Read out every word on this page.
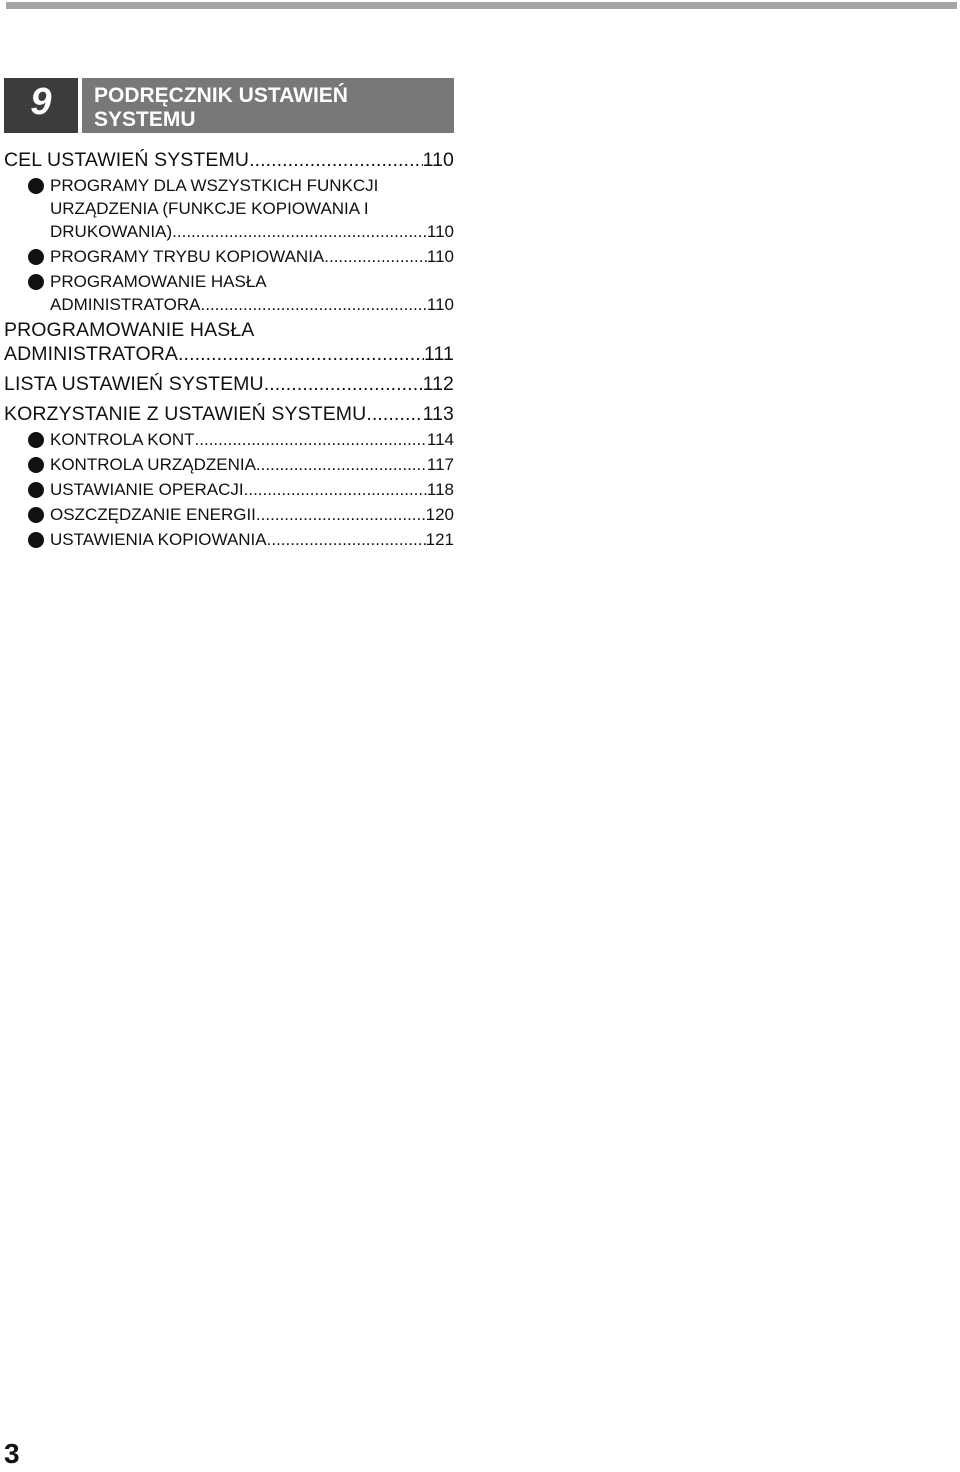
9	PODRĘCZNIK USTAWIEŃ SYSTEMU
CEL USTAWIEŃ SYSTEMU .....	110
PROGRAMY DLA WSZYSTKICH FUNKCJI
URZĄDZENIA (FUNKCJE KOPIOWANIA I
DRUKOWANIA) .....	110
PROGRAMY TRYBU KOPIOWANIA .....	110
PROGRAMOWANIE HASŁA
ADMINISTRATORA .....	110
PROGRAMOWANIE HASŁA
ADMINISTRATORA .....	111
LISTA USTAWIEŃ SYSTEMU .....	112
KORZYSTANIE Z USTAWIEŃ SYSTEMU .....	113
KONTROLA KONT .....	114
KONTROLA URZĄDZENIA .....	117
USTAWIANIE OPERACJI .....	118
OSZCZĘDZANIE ENERGII .....	120
USTAWIENIA KOPIOWANIA .....	121
3
